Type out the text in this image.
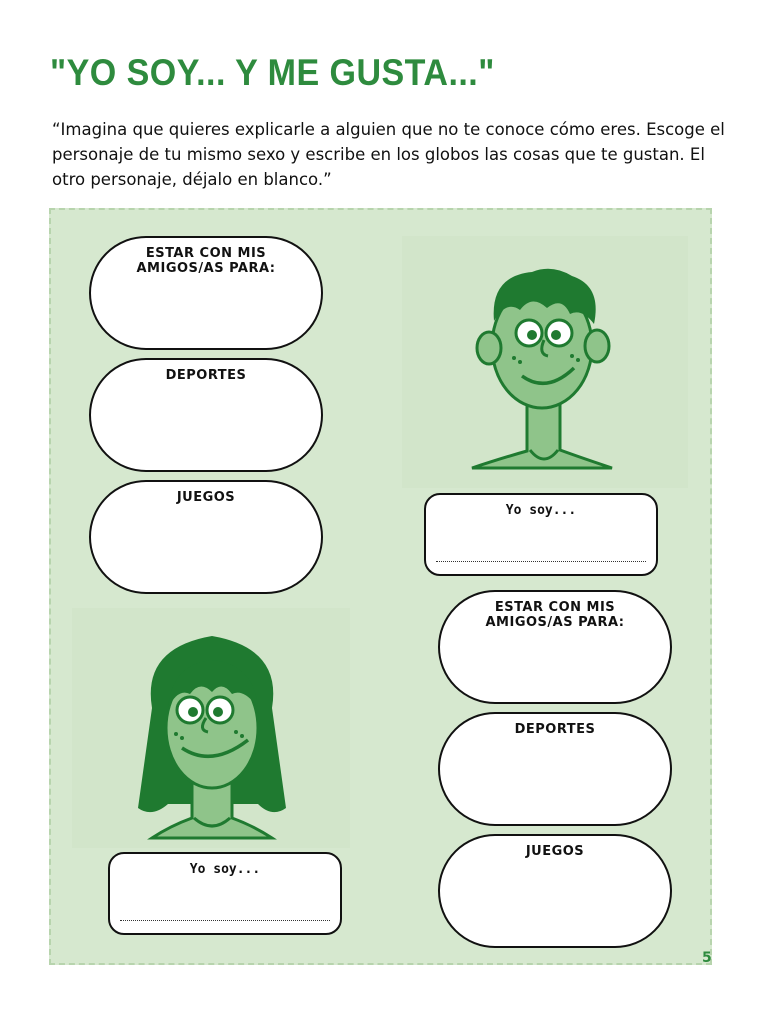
"YO SOY... Y ME GUSTA..."
“Imagina que quieres explicarle a alguien que no te conoce cómo eres. Escoge el personaje de tu mismo sexo y escribe en los globos las cosas que te gustan. El otro personaje, déjalo en blanco.”
ESTAR CON MIS AMIGOS/AS PARA:
DEPORTES
JUEGOS
Yo soy...
ESTAR CON MIS AMIGOS/AS PARA:
DEPORTES
JUEGOS
Yo soy...
5
